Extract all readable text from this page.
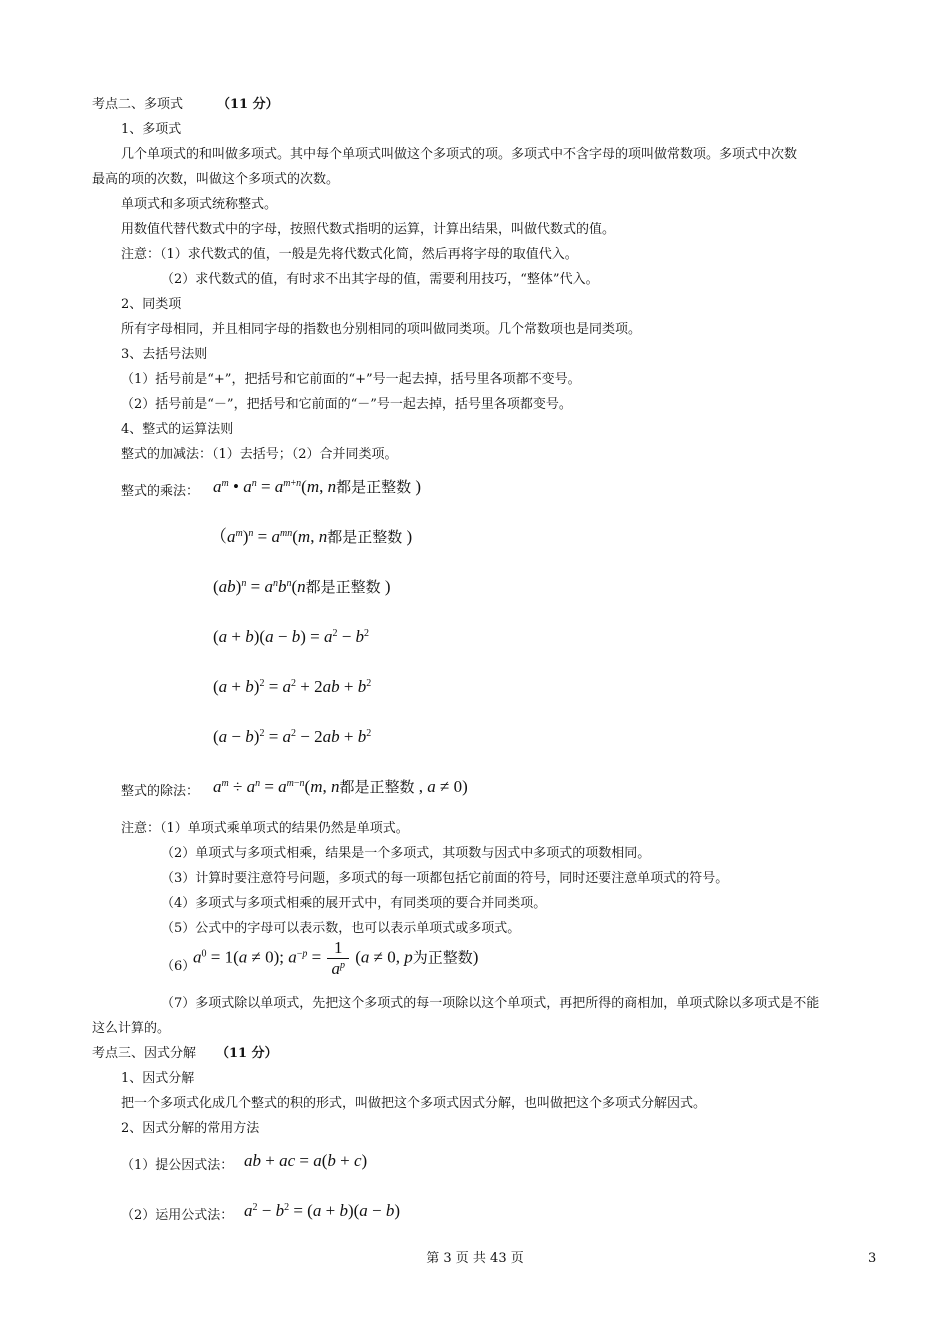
考点二、多项式	（11 分）
1、多项式
几个单项式的和叫做多项式。其中每个单项式叫做这个多项式的项。多项式中不含字母的项叫做常数项。多项式中次数
最高的项的次数，叫做这个多项式的次数。
单项式和多项式统称整式。
用数值代替代数式中的字母，按照代数式指明的运算，计算出结果，叫做代数式的值。
注意：（1）求代数式的值，一般是先将代数式化简，然后再将字母的取值代入。
（2）求代数式的值，有时求不出其字母的值，需要利用技巧，“整体”代入。
2、同类项
所有字母相同，并且相同字母的指数也分别相同的项叫做同类项。几个常数项也是同类项。
3、去括号法则
（1）括号前是“+”，把括号和它前面的“+”号一起去掉，括号里各项都不变号。
（2）括号前是“－”，把括号和它前面的“－”号一起去掉，括号里各项都变号。
4、整式的运算法则
整式的加减法：（1）去括号；（2）合并同类项。
整式的乘法： $a^m$ • $a^n = a^{m+n}(m$, n都是正整数 )
$(a^m)^n = a^{mn}(m$, n都是正整数 )
$(ab)^n = a^nb^n(n$都是正整数 )
$(a + b)(a - b) = a^2 - b^2$
$(a + b)^2 = a^2 + 2ab + b^2$
$(a - b)^2 = a^2 - 2ab + b^2$
整式的除法： $a^m \div a^n = a^{m-n}(m$, n都是正整数 , a ≠ 0)
注意：（1）单项式乘单项式的结果仍然是单项式。
（2）单项式与多项式相乘，结果是一个多项式，其项数与因式中多项式的项数相同。
（3）计算时要注意符号问题，多项式的每一项都包括它前面的符号，同时还要注意单项式的符号。
（4）多项式与多项式相乘的展开式中，有同类项的要合并同类项。
（5）公式中的字母可以表示数，也可以表示单项式或多项式。
（6）
$a^0 = 1(a \ne 0)$; $a^{-p} = \frac{1}{a^p} (a \ne 0$, p为正整数)
（7）多项式除以单项式，先把这个多项式的每一项除以这个单项式，再把所得的商相加，单项式除以多项式是不能
这么计算的。
考点三、因式分解 （11 分）
1、因式分解
把一个多项式化成几个整式的积的形式，叫做把这个多项式因式分解，也叫做把这个多项式分解因式。
2、因式分解的常用方法
（1）提公因式法： ab + ac = a(b + c)
（2）运用公式法： $a^2 - b^2 = (a + b)(a - b)$
第 3 页 共 43 页	3
